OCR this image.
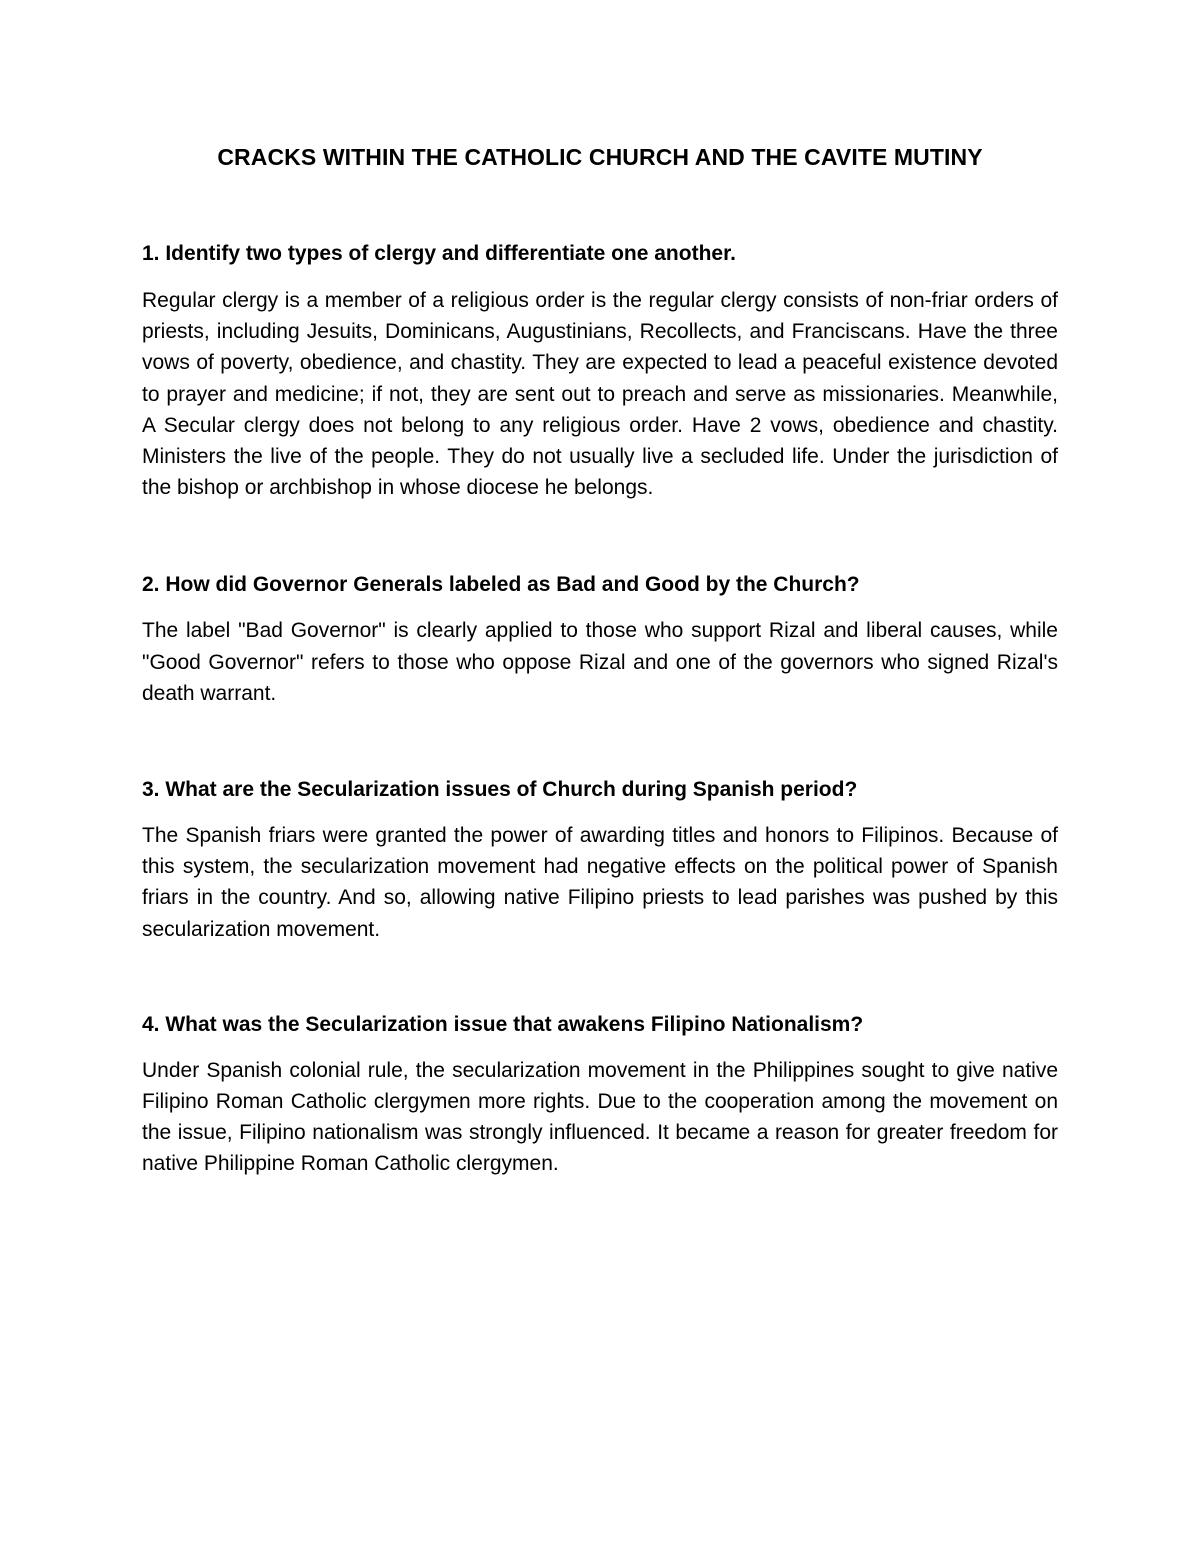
CRACKS WITHIN THE CATHOLIC CHURCH AND THE CAVITE MUTINY

1. Identify two types of clergy and differentiate one another.

Regular clergy is a member of a religious order is the regular clergy consists of non-friar orders of priests, including Jesuits, Dominicans, Augustinians, Recollects, and Franciscans. Have the three vows of poverty, obedience, and chastity. They are expected to lead a peaceful existence devoted to prayer and medicine; if not, they are sent out to preach and serve as missionaries. Meanwhile, A Secular clergy does not belong to any religious order. Have 2 vows, obedience and chastity. Ministers the live of the people. They do not usually live a secluded life. Under the jurisdiction of the bishop or archbishop in whose diocese he belongs.

2. How did Governor Generals labeled as Bad and Good by the Church?

The label "Bad Governor" is clearly applied to those who support Rizal and liberal causes, while "Good Governor" refers to those who oppose Rizal and one of the governors who signed Rizal's death warrant.

3. What are the Secularization issues of Church during Spanish period?

The Spanish friars were granted the power of awarding titles and honors to Filipinos. Because of this system, the secularization movement had negative effects on the political power of Spanish friars in the country. And so, allowing native Filipino priests to lead parishes was pushed by this secularization movement.

4. What was the Secularization issue that awakens Filipino Nationalism?

Under Spanish colonial rule, the secularization movement in the Philippines sought to give native Filipino Roman Catholic clergymen more rights. Due to the cooperation among the movement on the issue, Filipino nationalism was strongly influenced. It became a reason for greater freedom for native Philippine Roman Catholic clergymen.
